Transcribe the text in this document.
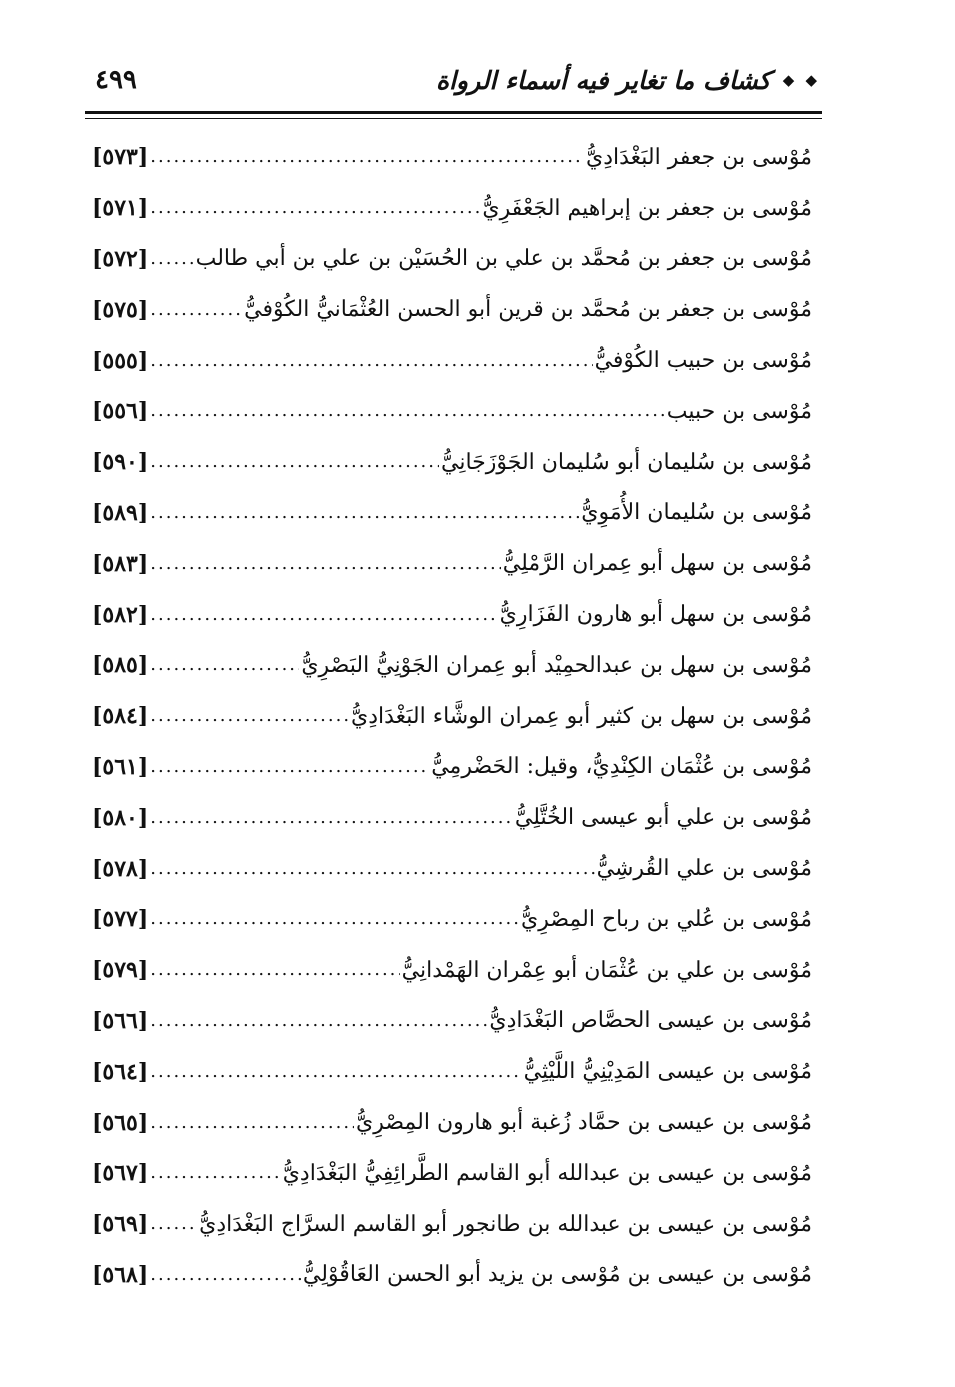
٤٩٩	◆ ◆
كشاف ما تغاير فيه أسماء الرواة
مُوْسى بن جعفر البَغْدَادِيُّ
.....
[٥٧٣]
مُوْسى بن جعفر بن إبراهيم الجَعْفَرِيُّ
.....
[٥٧١]
مُوْسى بن جعفر بن مُحمَّد بن علي بن الحُسَيْن بن علي بن أبي طالب
.....
[٥٧٢]
مُوْسى بن جعفر بن مُحمَّد بن قرين أبو الحسن العُثْمَانيُّ الكُوْفيُّ
.....
[٥٧٥]
مُوْسى بن حبيب الكُوْفيُّ
.....
[٥٥٥]
مُوْسى بن حبيب
.....
[٥٥٦]
مُوْسى بن سُليمان أبو سُليمان الجَوْزَجَانِيُّ
.....
[٥٩٠]
مُوْسى بن سُليمان الأُمَوِيُّ
.....
[٥٨٩]
مُوْسى بن سهل أبو عِمران الرَّمْلِيُّ
.....
[٥٨٣]
مُوْسى بن سهل أبو هارون الفَزَارِيُّ
.....
[٥٨٢]
مُوْسى بن سهل بن عبدالحمِيْد أبو عِمران الجَوْنِيُّ البَصْرِيُّ
.....
[٥٨٥]
مُوْسى بن سهل بن كثير أبو عِمران الوشَّاء البَغْدَادِيُّ
.....
[٥٨٤]
مُوْسى بن عُثْمَان الكِنْدِيُّ، وقيل: الحَضْرمِيُّ
.....
[٥٦١]
مُوْسى بن علي أبو عيسى الخُتَّلِيُّ
.....
[٥٨٠]
مُوْسى بن علي القُرشِيُّ
.....
[٥٧٨]
مُوْسى بن عُلي بن رباح المِصْرِيُّ
.....
[٥٧٧]
مُوْسى بن علي بن عُثْمَان أبو عِمْران الهَمْدانِيُّ
.....
[٥٧٩]
مُوْسى بن عيسى الحصَّاص البَغْدَادِيُّ
.....
[٥٦٦]
مُوْسى بن عيسى المَدِيْنِيُّ اللَّيْثِيُّ
.....
[٥٦٤]
مُوْسى بن عيسى بن حمَّاد زُغبة أبو هارون المِصْرِيُّ
.....
[٥٦٥]
مُوْسى بن عيسى بن عبدالله أبو القاسم الطَّرائِفِيُّ البَغْدَادِيُّ
.....
[٥٦٧]
مُوْسى بن عيسى بن عبدالله بن طانجور أبو القاسم السرَّاج البَغْدَادِيُّ
.....
[٥٦٩]
مُوْسى بن عيسى بن مُوْسى بن يزيد أبو الحسن العَاقُوْلِيُّ
.....
[٥٦٨]
